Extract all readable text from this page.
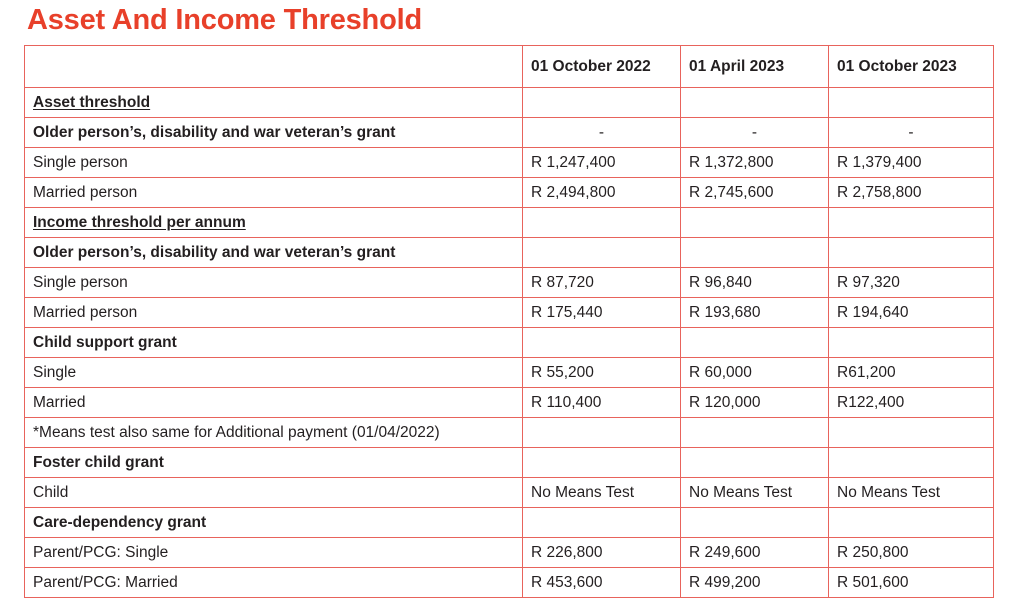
Asset And Income Threshold
	01 October 2022	01 April 2023	01 October 2023
Asset threshold			
Older person’s, disability and war veteran’s grant	-	-	-
Single person	R 1,247,400	R 1,372,800	R 1,379,400
Married person	R 2,494,800	R 2,745,600	R 2,758,800
Income threshold per annum			
Older person’s, disability and war veteran’s grant			
Single person	R 87,720	R 96,840	R 97,320
Married person	R 175,440	R 193,680	R 194,640
Child support grant			
Single	R 55,200	R 60,000	R61,200
Married	R 110,400	R 120,000	R122,400
*Means test also same for Additional payment (01/04/2022)			
Foster child grant			
Child	No Means Test	No Means Test	No Means Test
Care-dependency grant			
Parent/PCG: Single	R 226,800	R 249,600	R 250,800
Parent/PCG: Married	R 453,600	R 499,200	R 501,600
